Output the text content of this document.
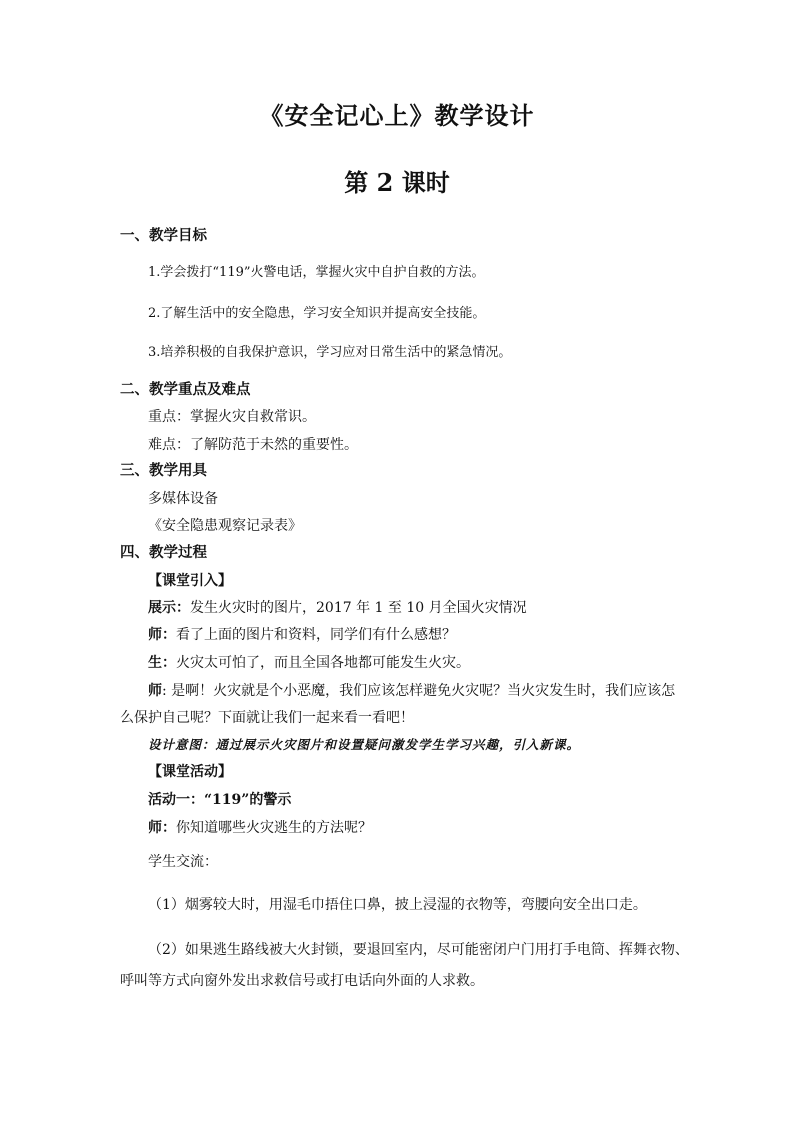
《安全记心上》教学设计
第 2 课时
一、教学目标
1.学会拨打“119”火警电话，掌握火灾中自护自救的方法。
2.了解生活中的安全隐患，学习安全知识并提高安全技能。
3.培养积极的自我保护意识，学习应对日常生活中的紧急情况。
二、教学重点及难点
重点：掌握火灾自救常识。
难点：了解防范于未然的重要性。
三、教学用具
多媒体设备
《安全隐患观察记录表》
四、教学过程
【课堂引入】
展示：发生火灾时的图片，2017 年 1 至 10 月全国火灾情况
师：看了上面的图片和资料，同学们有什么感想？
生：火灾太可怕了，而且全国各地都可能发生火灾。
师: 是啊！火灾就是个小恶魔，我们应该怎样避免火灾呢？当火灾发生时，我们应该怎
么保护自己呢？下面就让我们一起来看一看吧！
设计意图：通过展示火灾图片和设置疑问激发学生学习兴趣，引入新课。
【课堂活动】
活动一：“119”的警示
师：你知道哪些火灾逃生的方法呢？
学生交流：
（1）烟雾较大时，用湿毛巾捂住口鼻，披上浸湿的衣物等，弯腰向安全出口走。
（2）如果逃生路线被大火封锁，要退回室内，尽可能密闭户门用打手电筒、挥舞衣物、
呼叫等方式向窗外发出求救信号或打电话向外面的人求救。
